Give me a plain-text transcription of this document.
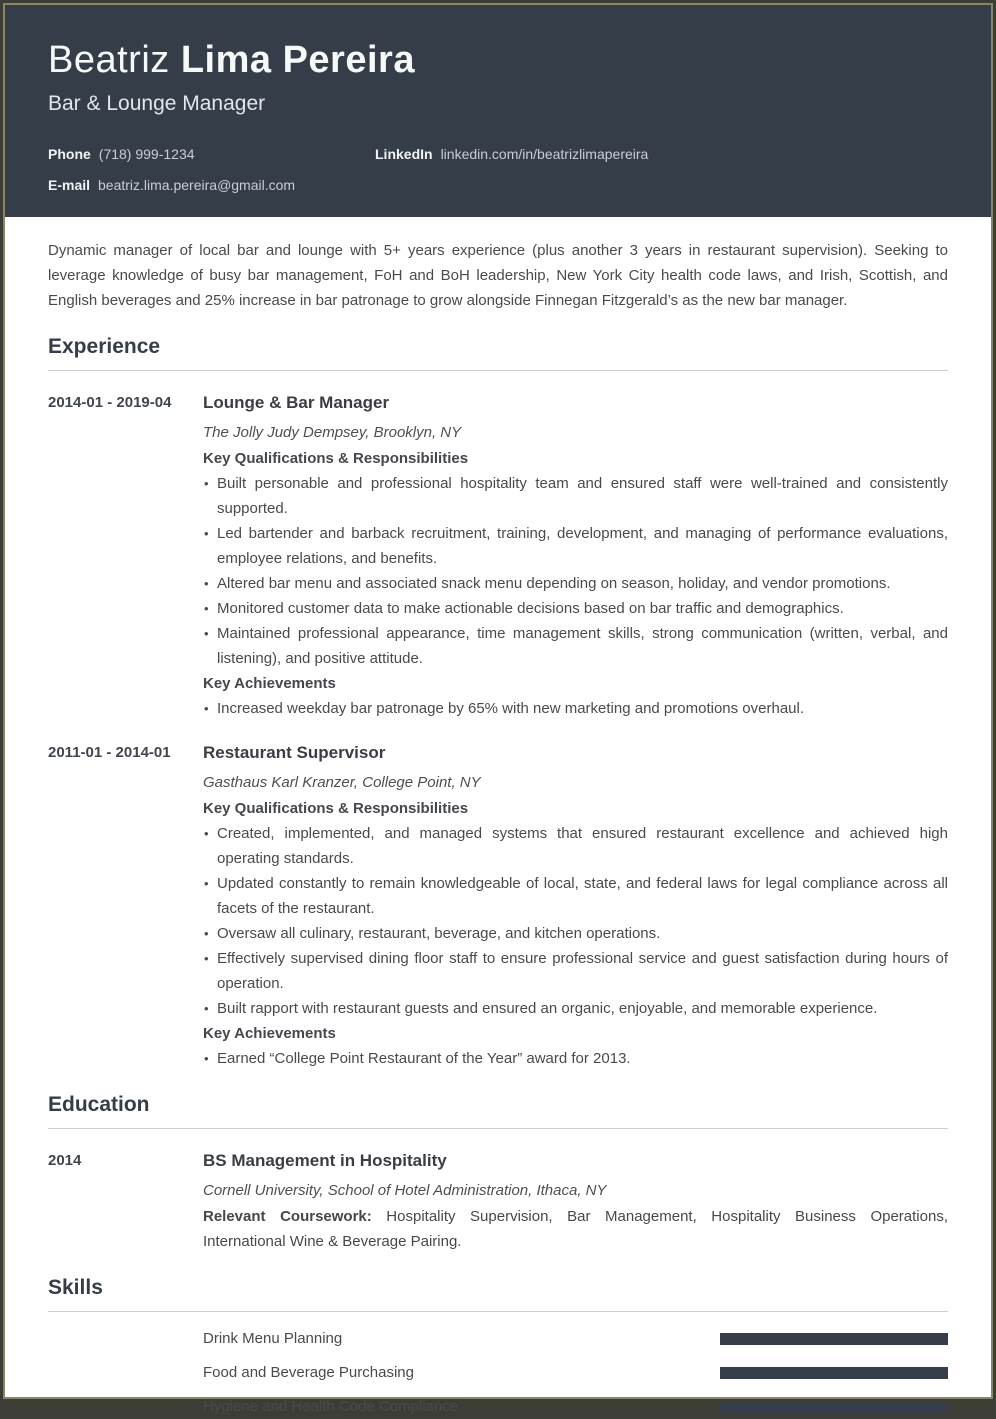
Beatriz Lima Pereira
Bar & Lounge Manager
Phone (718) 999-1234	LinkedIn linkedin.com/in/beatrizlimapereira
E-mail beatriz.lima.pereira@gmail.com

Dynamic manager of local bar and lounge with 5+ years experience (plus another 3 years in restaurant supervision). Seeking to leverage knowledge of busy bar management, FoH and BoH leadership, New York City health code laws, and Irish, Scottish, and English beverages and 25% increase in bar patronage to grow alongside Finnegan Fitzgerald’s as the new bar manager.

Experience
2014-01 - 2019-04	Lounge & Bar Manager
The Jolly Judy Dempsey, Brooklyn, NY
Key Qualifications & Responsibilities
• Built personable and professional hospitality team and ensured staff were well-trained and consistently supported.
• Led bartender and barback recruitment, training, development, and managing of performance evaluations, employee relations, and benefits.
• Altered bar menu and associated snack menu depending on season, holiday, and vendor promotions.
• Monitored customer data to make actionable decisions based on bar traffic and demographics.
• Maintained professional appearance, time management skills, strong communication (written, verbal, and listening), and positive attitude.
Key Achievements
• Increased weekday bar patronage by 65% with new marketing and promotions overhaul.
2011-01 - 2014-01	Restaurant Supervisor
Gasthaus Karl Kranzer, College Point, NY
Key Qualifications & Responsibilities
• Created, implemented, and managed systems that ensured restaurant excellence and achieved high operating standards.
• Updated constantly to remain knowledgeable of local, state, and federal laws for legal compliance across all facets of the restaurant.
• Oversaw all culinary, restaurant, beverage, and kitchen operations.
• Effectively supervised dining floor staff to ensure professional service and guest satisfaction during hours of operation.
• Built rapport with restaurant guests and ensured an organic, enjoyable, and memorable experience.
Key Achievements
• Earned “College Point Restaurant of the Year” award for 2013.
Education
2014	BS Management in Hospitality
Cornell University, School of Hotel Administration, Ithaca, NY
Relevant Coursework: Hospitality Supervision, Bar Management, Hospitality Business Operations, International Wine & Beverage Pairing.
Skills
Drink Menu Planning
Food and Beverage Purchasing
Hygiene and Health Code Compliance
